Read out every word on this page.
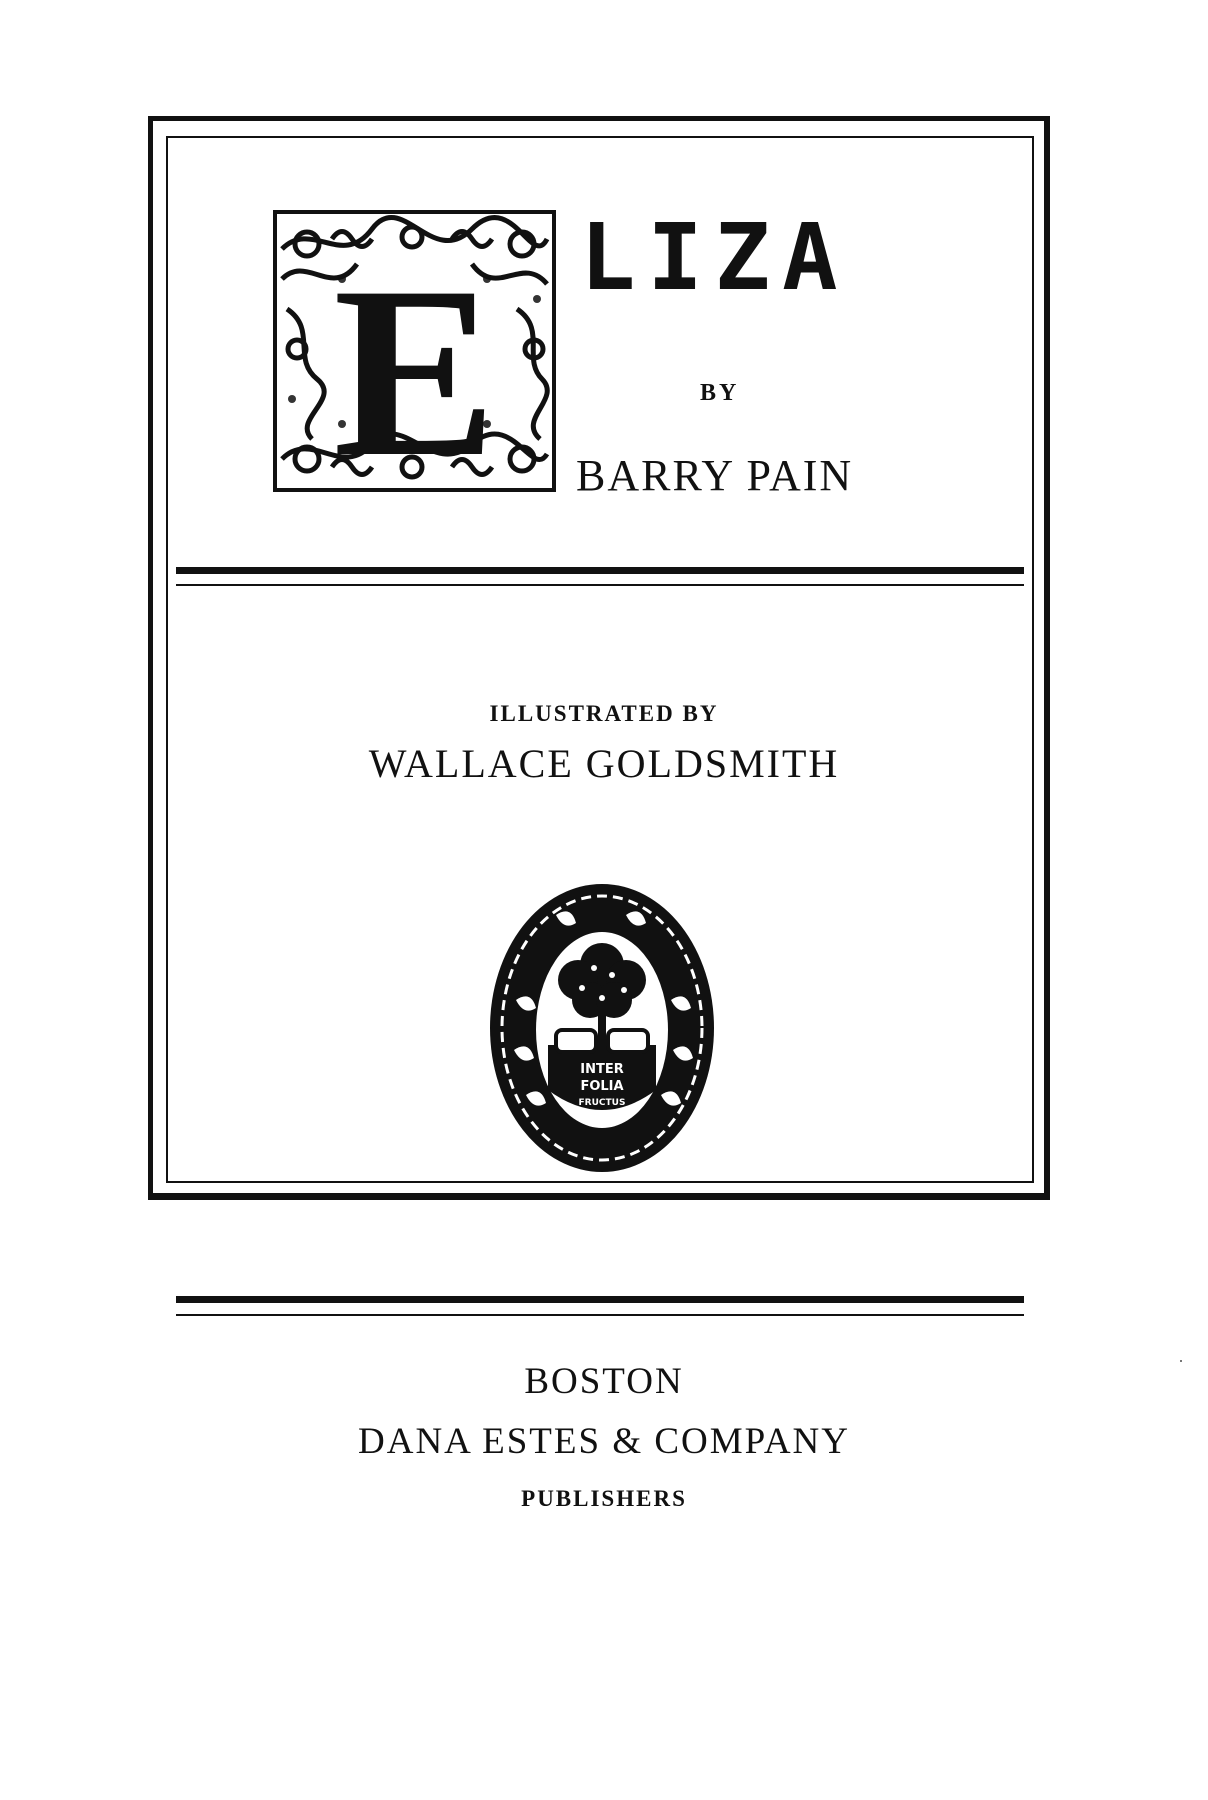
E LIZA
BY
BARRY PAIN
ILLUSTRATED BY
WALLACE GOLDSMITH
INTER
FOLIA
FRUCTUS
BOSTON
DANA ESTES & COMPANY
PUBLISHERS
